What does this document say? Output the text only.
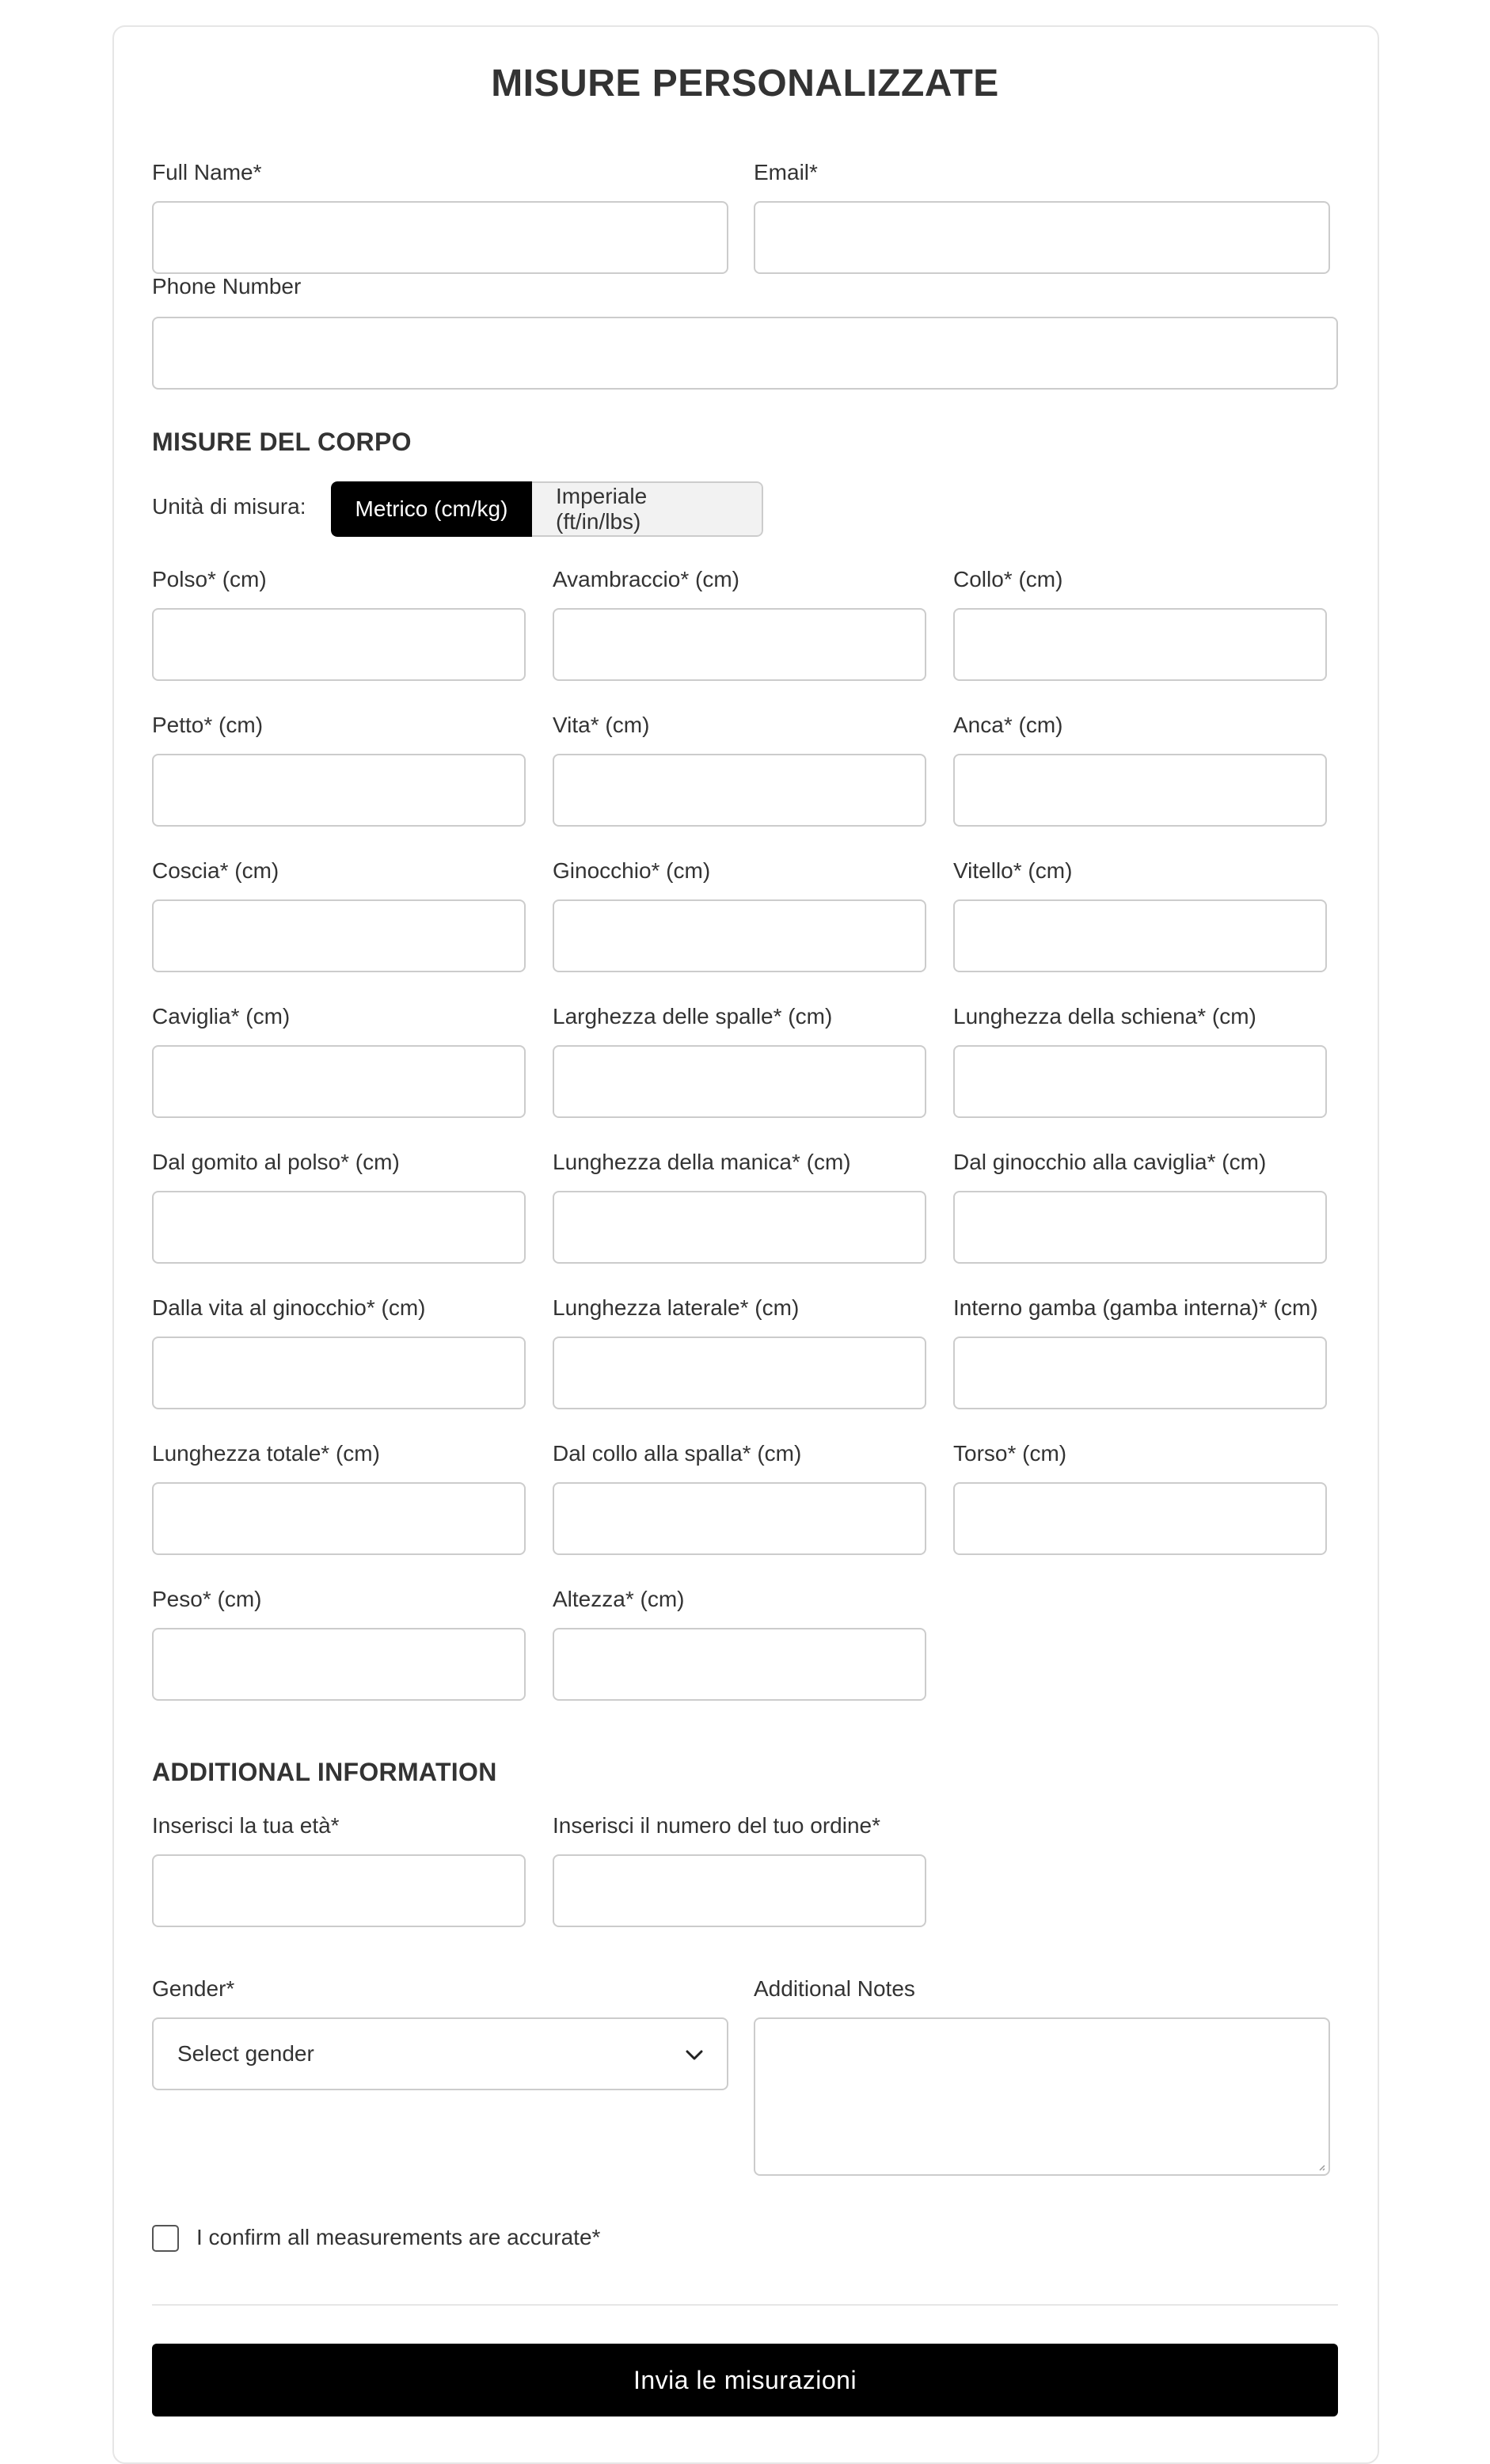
MISURE PERSONALIZZATE
Full Name*	Email*
Phone Number
MISURE DEL CORPO
Unità di misura:	Metrico (cm/kg)
Imperiale (ft/in/lbs)
Polso* (cm)	Avambraccio* (cm)	Collo* (cm)
Petto* (cm)	Vita* (cm)	Anca* (cm)
Coscia* (cm)	Ginocchio* (cm)	Vitello* (cm)
Caviglia* (cm)	Larghezza delle spalle* (cm)	Lunghezza della schiena* (cm)
Dal gomito al polso* (cm)	Lunghezza della manica* (cm)	Dal ginocchio alla caviglia* (cm)
Dalla vita al ginocchio* (cm)	Lunghezza laterale* (cm)	Interno gamba (gamba interna)* (cm)
Lunghezza totale* (cm)	Dal collo alla spalla* (cm)	Torso* (cm)
Peso* (cm)	Altezza* (cm)
ADDITIONAL INFORMATION
Inserisci la tua età*	Inserisci il numero del tuo ordine*
Gender*
Select gender
Additional Notes
I confirm all measurements are accurate*
Invia le misurazioni
